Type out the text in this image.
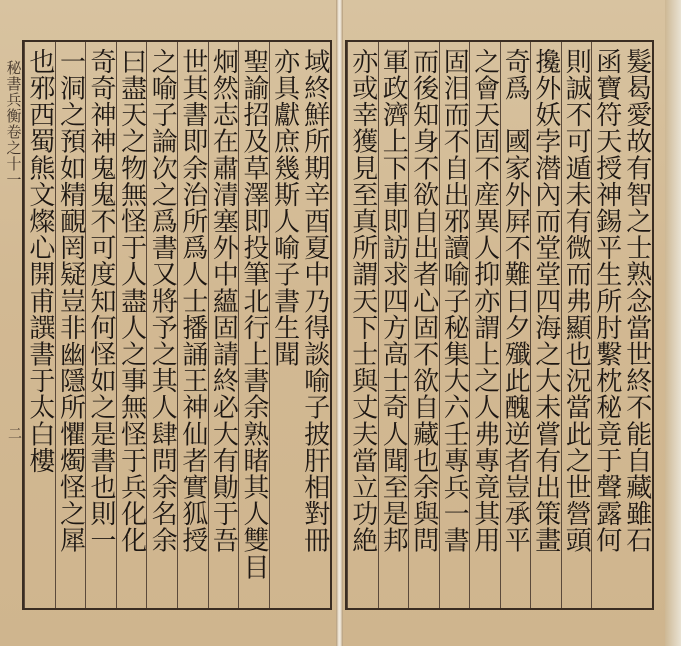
秘書兵衡卷之十一
二	域終鮮所期辛酉夏中乃得談喻子披肝相對冊
亦具獻庶幾斯人喻子書生聞
聖諭招及草澤即投筆北行上書余熟睹其人雙目
炯然志在肅清塞外中蘊固請終必大有勛于吾
世其書即余治所爲人士播誦王神仙者實狐授
之喻子論次之爲書又將予之其人肆問余名余
曰盡天之物無怪于人盡人之事無怪于兵化化
奇奇神神鬼鬼不可度知何怪如之是書也則一
一洞之預如精靦罔疑豈非幽隱所懼燭怪之犀
也邪西蜀熊文燦心開甫譔書于太白樓	髮曷愛故有智之士熟念當世終不能自藏雖石
函寶符天授神錫平生所肘繫枕秘竟于聲露何
則誠不可遁未有微而弗顯也況當此之世營頭
攙外妖孛潜內而堂堂四海之大未嘗有出策畫
奇爲　國家外屛不難日夕殲此醜逆者豈承平
之會天固不産異人抑亦謂上之人弗專竟其用
固泪而不自出邪讀喻子秘集大六壬專兵一書
而後知身不欲自出者心固不欲自藏也余與問
軍政濟上下車即訪求四方高士奇人聞至是邦
亦或幸獲見至真所謂天下士與丈夫當立功絶
